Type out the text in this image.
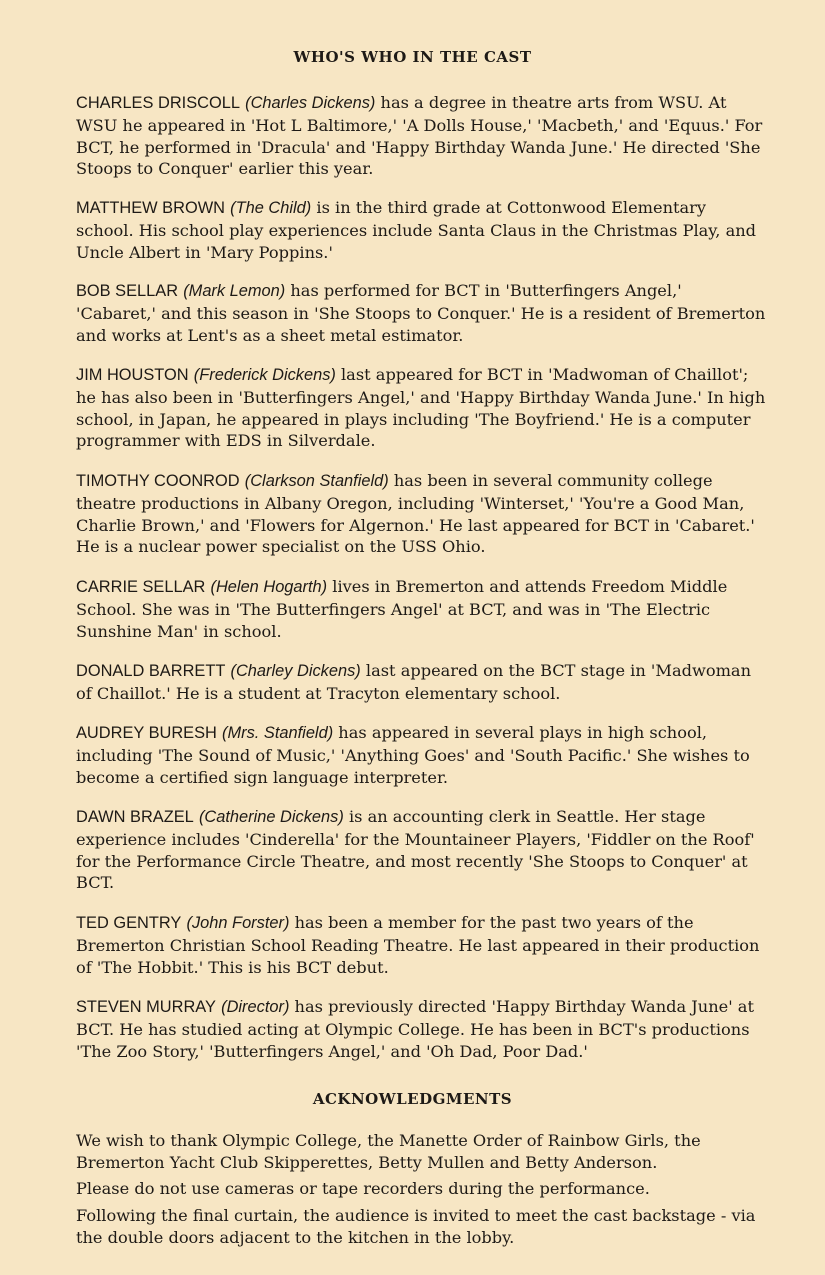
WHO'S WHO IN THE CAST

CHARLES DRISCOLL (Charles Dickens) has a degree in theatre arts from WSU. At WSU he appeared in 'Hot L Baltimore,' 'A Dolls House,' 'Macbeth,' and 'Equus.' For BCT, he performed in 'Dracula' and 'Happy Birthday Wanda June.' He directed 'She Stoops to Conquer' earlier this year.

MATTHEW BROWN (The Child) is in the third grade at Cottonwood Elementary school. His school play experiences include Santa Claus in the Christmas Play, and Uncle Albert in 'Mary Poppins.'

BOB SELLAR (Mark Lemon) has performed for BCT in 'Butterfingers Angel,' 'Cabaret,' and this season in 'She Stoops to Conquer.' He is a resident of Bremerton and works at Lent's as a sheet metal estimator.

JIM HOUSTON (Frederick Dickens) last appeared for BCT in 'Madwoman of Chaillot'; he has also been in 'Butterfingers Angel,' and 'Happy Birthday Wanda June.' In high school, in Japan, he appeared in plays including 'The Boyfriend.' He is a computer programmer with EDS in Silverdale.

TIMOTHY COONROD (Clarkson Stanfield) has been in several community college theatre productions in Albany Oregon, including 'Winterset,' 'You're a Good Man, Charlie Brown,' and 'Flowers for Algernon.' He last appeared for BCT in 'Cabaret.' He is a nuclear power specialist on the USS Ohio.

CARRIE SELLAR (Helen Hogarth) lives in Bremerton and attends Freedom Middle School. She was in 'The Butterfingers Angel' at BCT, and was in 'The Electric Sunshine Man' in school.

DONALD BARRETT (Charley Dickens) last appeared on the BCT stage in 'Madwoman of Chaillot.' He is a student at Tracyton elementary school.

AUDREY BURESH (Mrs. Stanfield) has appeared in several plays in high school, including 'The Sound of Music,' 'Anything Goes' and 'South Pacific.' She wishes to become a certified sign language interpreter.

DAWN BRAZEL (Catherine Dickens) is an accounting clerk in Seattle. Her stage experience includes 'Cinderella' for the Mountaineer Players, 'Fiddler on the Roof' for the Performance Circle Theatre, and most recently 'She Stoops to Conquer' at BCT.

TED GENTRY (John Forster) has been a member for the past two years of the Bremerton Christian School Reading Theatre. He last appeared in their production of 'The Hobbit.' This is his BCT debut.

STEVEN MURRAY (Director) has previously directed 'Happy Birthday Wanda June' at BCT. He has studied acting at Olympic College. He has been in BCT's productions 'The Zoo Story,' 'Butterfingers Angel,' and 'Oh Dad, Poor Dad.'

ACKNOWLEDGMENTS

We wish to thank Olympic College, the Manette Order of Rainbow Girls, the Bremerton Yacht Club Skipperettes, Betty Mullen and Betty Anderson.

Please do not use cameras or tape recorders during the performance.

Following the final curtain, the audience is invited to meet the cast backstage - via the double doors adjacent to the kitchen in the lobby.
